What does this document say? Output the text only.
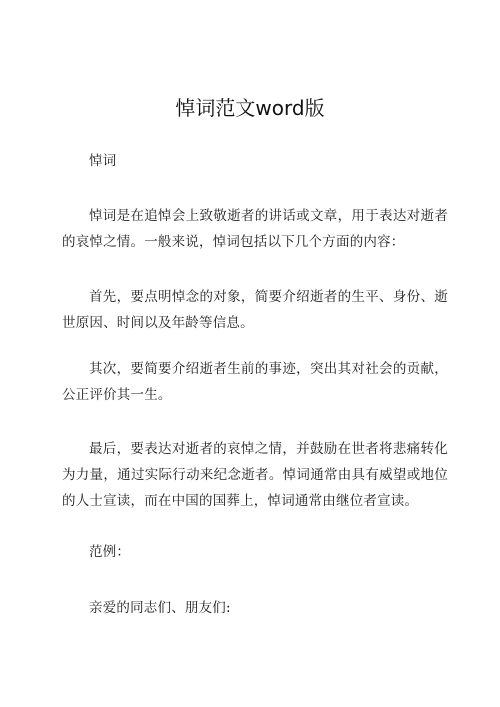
悼词范文word版

悼词

悼词是在追悼会上致敬逝者的讲话或文章，用于表达对逝者的哀悼之情。一般来说，悼词包括以下几个方面的内容：

首先，要点明悼念的对象，简要介绍逝者的生平、身份、逝世原因、时间以及年龄等信息。

其次，要简要介绍逝者生前的事迹，突出其对社会的贡献，公正评价其一生。

最后，要表达对逝者的哀悼之情，并鼓励在世者将悲痛转化为力量，通过实际行动来纪念逝者。悼词通常由具有威望或地位的人士宣读，而在中国的国葬上，悼词通常由继位者宣读。

范例：

亲爱的同志们、朋友们:
